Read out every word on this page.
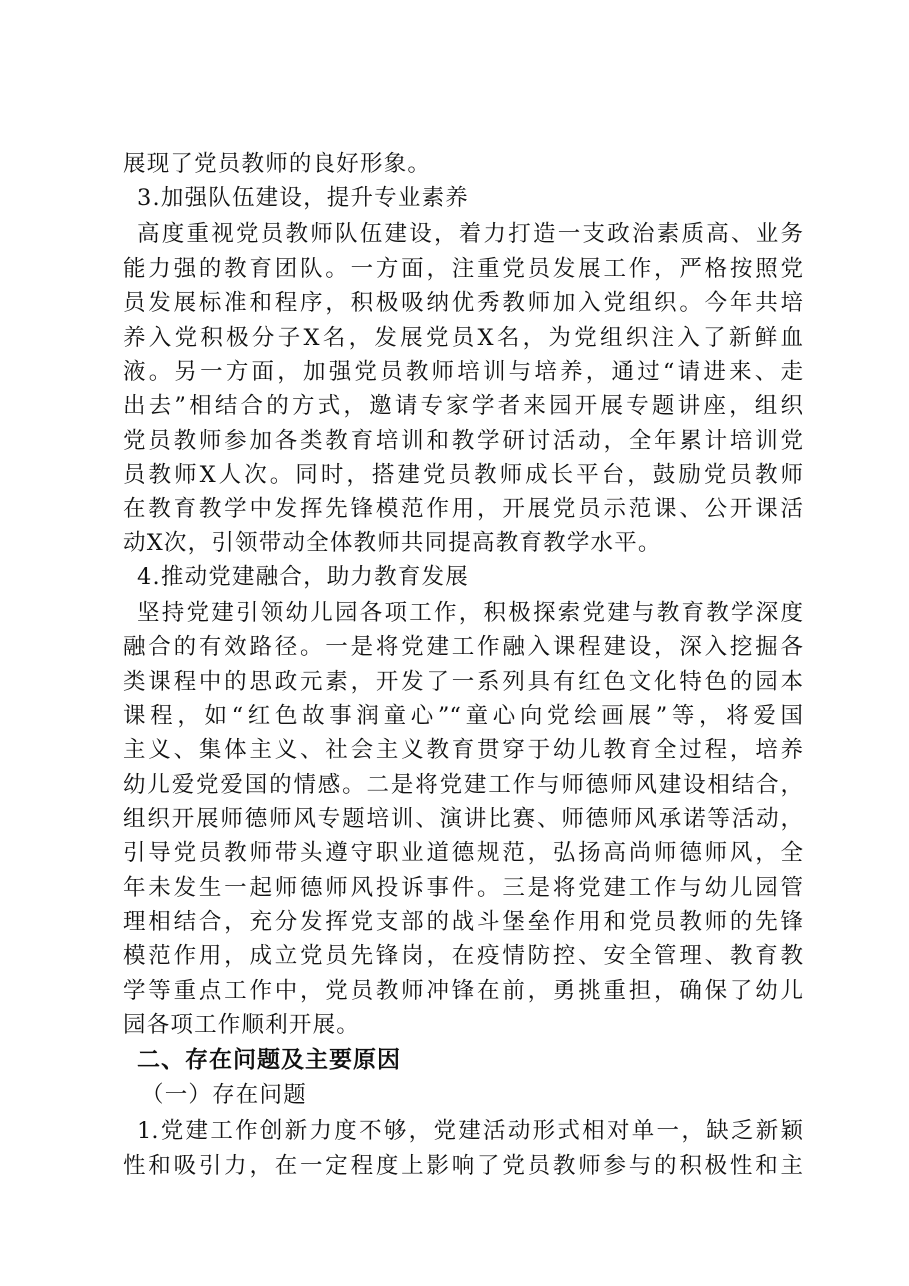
展现了党员教师的良好形象。
3.加强队伍建设，提升专业素养
高度重视党员教师队伍建设，着力打造一支政治素质高、业务
能力强的教育团队。一方面，注重党员发展工作，严格按照党
员发展标准和程序，积极吸纳优秀教师加入党组织。今年共培
养入党积极分子X名，发展党员X名，为党组织注入了新鲜血
液。另一方面，加强党员教师培训与培养，通过“请进来、走
出去”相结合的方式，邀请专家学者来园开展专题讲座，组织
党员教师参加各类教育培训和教学研讨活动，全年累计培训党
员教师X人次。同时，搭建党员教师成长平台，鼓励党员教师
在教育教学中发挥先锋模范作用，开展党员示范课、公开课活
动X次，引领带动全体教师共同提高教育教学水平。
4.推动党建融合，助力教育发展
坚持党建引领幼儿园各项工作，积极探索党建与教育教学深度
融合的有效路径。一是将党建工作融入课程建设，深入挖掘各
类课程中的思政元素，开发了一系列具有红色文化特色的园本
课程，如“红色故事润童心”“童心向党绘画展”等，将爱国
主义、集体主义、社会主义教育贯穿于幼儿教育全过程，培养
幼儿爱党爱国的情感。二是将党建工作与师德师风建设相结合，
组织开展师德师风专题培训、演讲比赛、师德师风承诺等活动，
引导党员教师带头遵守职业道德规范，弘扬高尚师德师风，全
年未发生一起师德师风投诉事件。三是将党建工作与幼儿园管
理相结合，充分发挥党支部的战斗堡垒作用和党员教师的先锋
模范作用，成立党员先锋岗，在疫情防控、安全管理、教育教
学等重点工作中，党员教师冲锋在前，勇挑重担，确保了幼儿
园各项工作顺利开展。
二、存在问题及主要原因
（一）存在问题
1.党建工作创新力度不够，党建活动形式相对单一，缺乏新颖
性和吸引力，在一定程度上影响了党员教师参与的积极性和主
